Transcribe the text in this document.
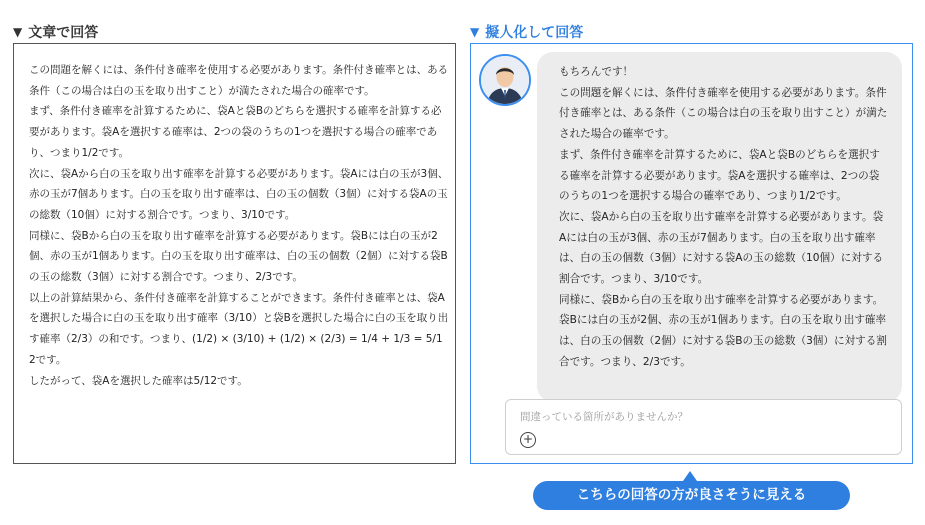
▼ 文章で回答	▼ 擬人化して回答

この問題を解くには、条件付き確率を使用する必要があります。条件付き確率とは、ある条件（この場合は白の玉を取り出すこと）が満たされた場合の確率です。

まず、条件付き確率を計算するために、袋Aと袋Bのどちらを選択する確率を計算する必要があります。袋Aを選択する確率は、2つの袋のうちの1つを選択する場合の確率であり、つまり1/2です。

次に、袋Aから白の玉を取り出す確率を計算する必要があります。袋Aには白の玉が3個、赤の玉が7個あります。白の玉を取り出す確率は、白の玉の個数（3個）に対する袋Aの玉の総数（10個）に対する割合です。つまり、3/10です。

同様に、袋Bから白の玉を取り出す確率を計算する必要があります。袋Bには白の玉が2個、赤の玉が1個あります。白の玉を取り出す確率は、白の玉の個数（2個）に対する袋Bの玉の総数（3個）に対する割合です。つまり、2/3です。

以上の計算結果から、条件付き確率を計算することができます。条件付き確率とは、袋Aを選択した場合に白の玉を取り出す確率（3/10）と袋Bを選択した場合に白の玉を取り出す確率（2/3）の和です。つまり、(1/2) × (3/10) + (1/2) × (2/3) = 1/4 + 1/3 = 5/12です。

したがって、袋Aを選択した確率は5/12です。

もちろんです！

この問題を解くには、条件付き確率を使用する必要があります。条件付き確率とは、ある条件（この場合は白の玉を取り出すこと）が満たされた場合の確率です。

まず、条件付き確率を計算するために、袋Aと袋Bのどちらを選択する確率を計算する必要があります。袋Aを選択する確率は、2つの袋のうちの1つを選択する場合の確率であり、つまり1/2です。

次に、袋Aから白の玉を取り出す確率を計算する必要があります。袋Aには白の玉が3個、赤の玉が7個あります。白の玉を取り出す確率は、白の玉の個数（3個）に対する袋Aの玉の総数（10個）に対する割合です。つまり、3/10です。

同様に、袋Bから白の玉を取り出す確率を計算する必要があります。袋Bには白の玉が2個、赤の玉が1個あります。白の玉を取り出す確率は、白の玉の個数（2個）に対する袋Bの玉の総数（3個）に対する割合です。つまり、2/3です。

間違っている箇所がありませんか？
+
こちらの回答の方が良さそうに見える
